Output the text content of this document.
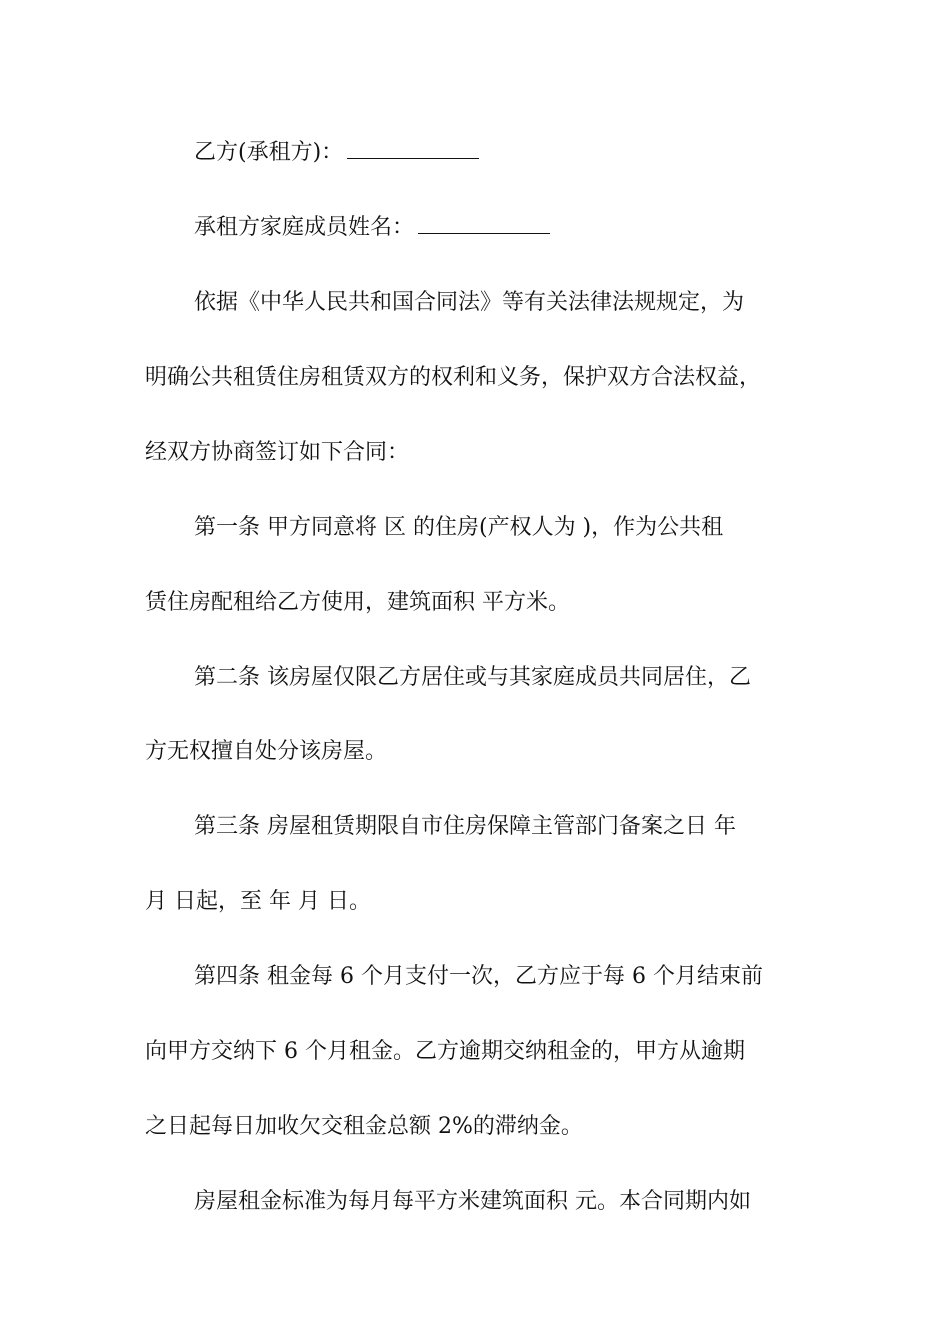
乙方(承租方)：
承租方家庭成员姓名：
依据《中华人民共和国合同法》等有关法律法规规定，为
明确公共租赁住房租赁双方的权利和义务，保护双方合法权益，
经双方协商签订如下合同：
第一条 甲方同意将 区 的住房(产权人为 )，作为公共租
赁住房配租给乙方使用，建筑面积 平方米。
第二条 该房屋仅限乙方居住或与其家庭成员共同居住，乙
方无权擅自处分该房屋。
第三条 房屋租赁期限自市住房保障主管部门备案之日 年
月 日起，至 年 月 日。
第四条 租金每 6 个月支付一次，乙方应于每 6 个月结束前
向甲方交纳下 6 个月租金。乙方逾期交纳租金的，甲方从逾期
之日起每日加收欠交租金总额 2%的滞纳金。
房屋租金标准为每月每平方米建筑面积 元。本合同期内如
